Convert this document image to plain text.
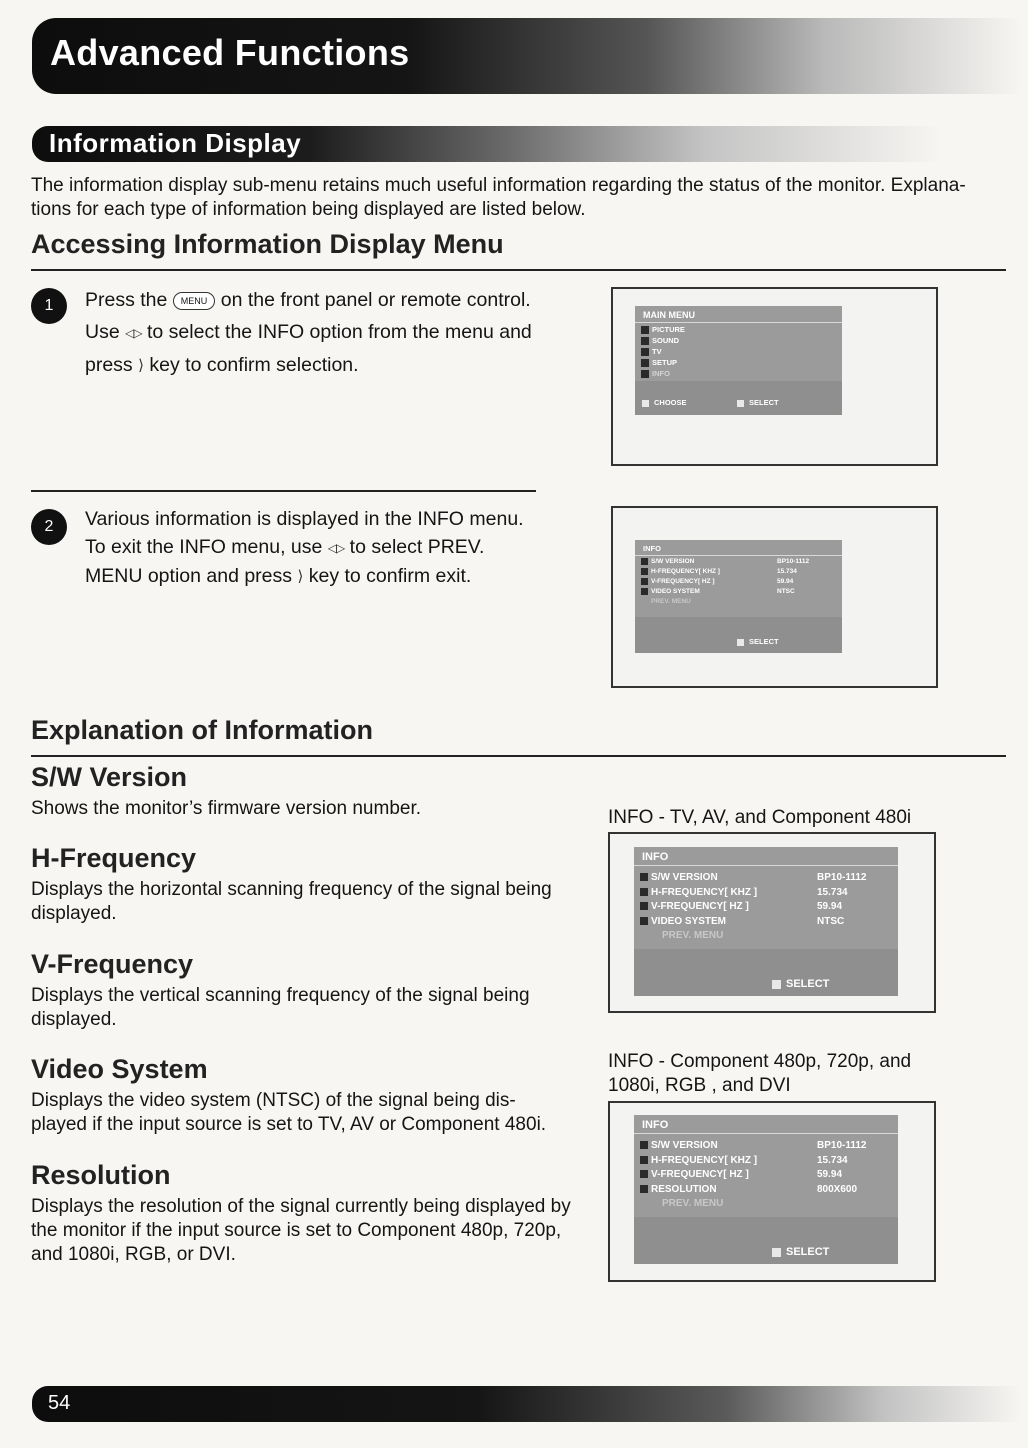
Advanced Functions
Information Display
The information display sub-menu retains much useful information regarding the status of the monitor. Explana- tions for each type of information being displayed are listed below.
Accessing Information Display Menu
1	Press the MENU on the front panel or remote control. Use ◁▷ to select the INFO option from the menu and press ⟩ key to confirm selection.
MAIN MENU
PICTURE
SOUND
TV
SETUP
INFO
CHOOSE	SELECT
2	Various information is displayed in the INFO menu. To exit the INFO menu, use ◁▷ to select PREV. MENU option and press ⟩ key to confirm exit.
INFO
S/W VERSION	BP10-1112
H-FREQUENCY[ KHZ ]	15.734
V-FREQUENCY[ HZ ]	59.94
VIDEO SYSTEM	NTSC
PREV. MENU
SELECT
Explanation of Information
S/W Version
Shows the monitor’s firmware version number.
H-Frequency
Displays the horizontal scanning frequency of the signal being displayed.
V-Frequency
Displays the vertical scanning frequency of the signal being displayed.
Video System
Displays the video system (NTSC) of the signal being dis- played if the input source is set to TV, AV or Component 480i.
Resolution
Displays the resolution of the signal currently being displayed by the monitor if the input source is set to Component 480p, 720p, and 1080i, RGB, or DVI.
INFO - TV, AV, and Component 480i
INFO
S/W VERSION	BP10-1112
H-FREQUENCY[ KHZ ]	15.734
V-FREQUENCY[ HZ ]	59.94
VIDEO SYSTEM	NTSC
PREV. MENU
SELECT
INFO - Component 480p, 720p, and 1080i, RGB , and DVI
INFO
S/W VERSION	BP10-1112
H-FREQUENCY[ KHZ ]	15.734
V-FREQUENCY[ HZ ]	59.94
RESOLUTION	800X600
PREV. MENU
SELECT
54
